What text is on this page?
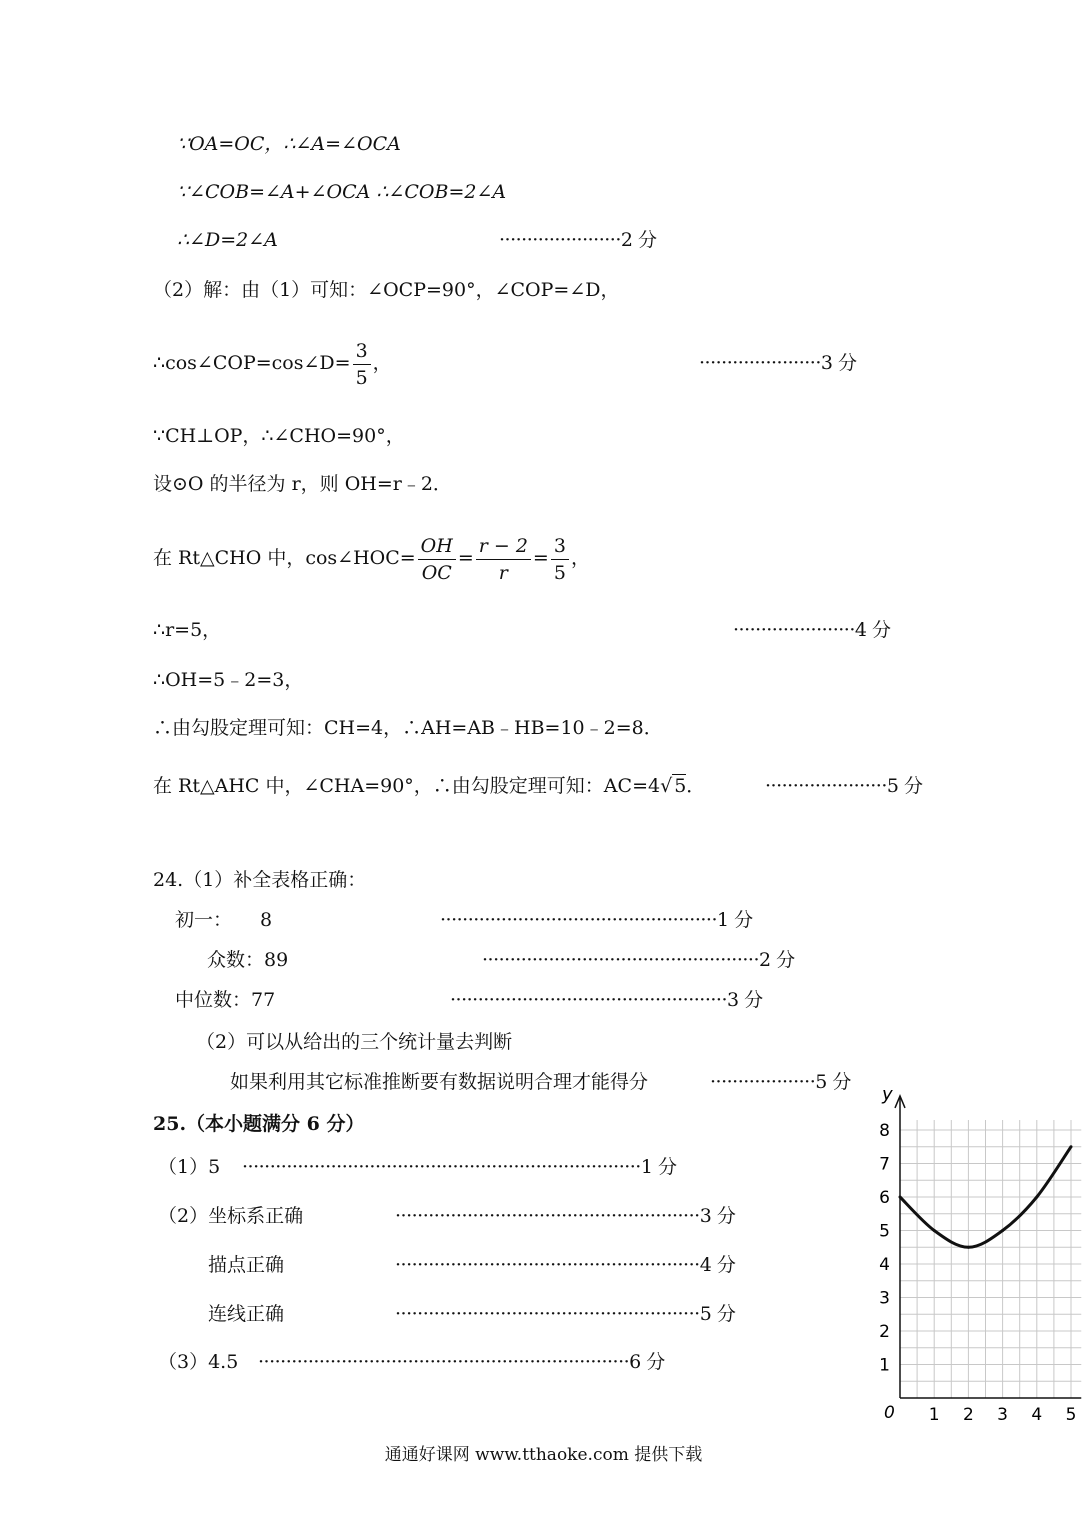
∵OA=OC，∴∠A=∠OCA
∵∠COB=∠A+∠OCA ∴∠COB=2∠A
∴∠D=2∠A	······················2 分
（2）解：由（1）可知：∠OCP=90°，∠COP=∠D，
∴cos∠COP=cos∠D= $\frac{3}{5}$ ，	······················3 分
∵CH⊥OP，∴∠CHO=90°，
设⊙O 的半径为 r，则 OH=r﹣2．
在 Rt△CHO 中，cos∠HOC= $\frac{OH}{OC} = \frac{r - 2}{r} = \frac{3}{5}$ ，
∴r=5，	······················4 分
∴OH=5﹣2=3，
∴由勾股定理可知：CH=4，∴AH=AB﹣HB=10﹣2=8．
在 Rt△AHC 中，∠CHA=90°，∴由勾股定理可知：AC=4√ 5．	······················5 分
24.（1）补全表格正确：
初一： 8	··················································1 分
众数：89	··················································2 分
中位数：77	··················································3 分
（2）可以从给出的三个统计量去判断
如果利用其它标准推断要有数据说明合理才能得分	···················5 分
25.（本小题满分 6 分）
（1）5 ········································································1 分
（2）坐标系正确	·······················································3 分
描点正确	·······················································4 分
连线正确	·······················································5 分
（3）4.5 ···································································6 分
y
0 1 2 3 4 5
1
2
3
4
5
6
7
8
通通好课网 www.tthaoke.com 提供下载
